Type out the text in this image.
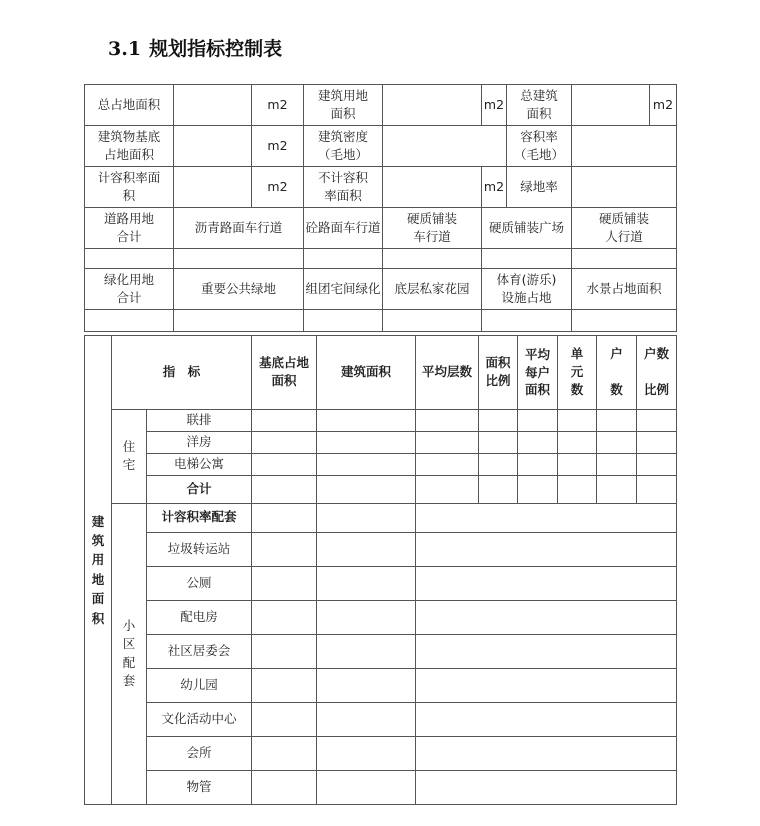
3.1 规划指标控制表
总占地面积		m2	建筑用地面积		m2	总建筑面积		m2

建筑物基底占地面积		m2	建筑密度（毛地）			容积率（毛地）		

计容积率面积		m2	不计容积率面积		m2	绿地率		

道路用地合计	沥青路面车行道		砼路面车行道	硬质铺装车行道	硬质铺装广场		硬质铺装人行道	

绿化用地合计	重要公共绿地		组团宅间绿化	底层私家花园	体育(游乐)设施占地		水景占地面积	

建筑用地面积	指　标		基底占地面积	建筑面积	平均层数	面积比例	平均每户面积	单元数	户数	户数比例

	住宅	联排								
		洋房								
		电梯公寓								
		合计								

	小区配套	计容积率配套								
		垃圾转运站								
		公厕								
		配电房								
		社区居委会								
		幼儿园								
		文化活动中心								
		会所								
		物管								
